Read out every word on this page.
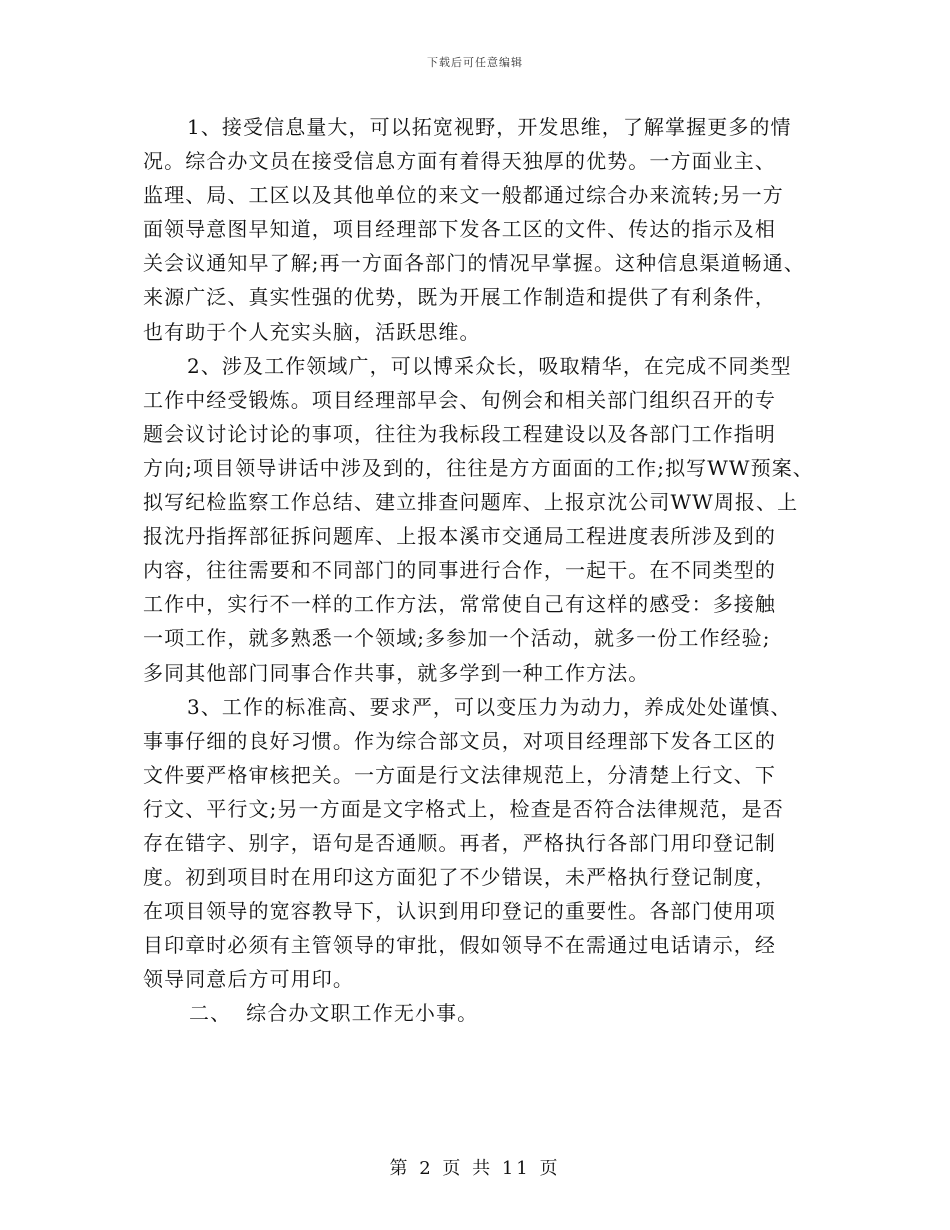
下载后可任意编辑
1、接受信息量大，可以拓宽视野，开发思维，了解掌握更多的情
况。综合办文员在接受信息方面有着得天独厚的优势。一方面业主、
监理、局、工区以及其他单位的来文一般都通过综合办来流转;另一方
面领导意图早知道，项目经理部下发各工区的文件、传达的指示及相
关会议通知早了解;再一方面各部门的情况早掌握。这种信息渠道畅通、
来源广泛、真实性强的优势，既为开展工作制造和提供了有利条件，
也有助于个人充实头脑，活跃思维。
2、涉及工作领域广，可以博采众长，吸取精华，在完成不同类型
工作中经受锻炼。项目经理部早会、旬例会和相关部门组织召开的专
题会议讨论讨论的事项，往往为我标段工程建设以及各部门工作指明
方向;项目领导讲话中涉及到的，往往是方方面面的工作;拟写WW预案、
拟写纪检监察工作总结、建立排查问题库、上报京沈公司WW周报、上
报沈丹指挥部征拆问题库、上报本溪市交通局工程进度表所涉及到的
内容，往往需要和不同部门的同事进行合作，一起干。在不同类型的
工作中，实行不一样的工作方法，常常使自己有这样的感受：多接触
一项工作，就多熟悉一个领域;多参加一个活动，就多一份工作经验;
多同其他部门同事合作共事，就多学到一种工作方法。
3、工作的标准高、要求严，可以变压力为动力，养成处处谨慎、
事事仔细的良好习惯。作为综合部文员，对项目经理部下发各工区的
文件要严格审核把关。一方面是行文法律规范上，分清楚上行文、下
行文、平行文;另一方面是文字格式上，检查是否符合法律规范，是否
存在错字、别字，语句是否通顺。再者，严格执行各部门用印登记制
度。初到项目时在用印这方面犯了不少错误，未严格执行登记制度，
在项目领导的宽容教导下，认识到用印登记的重要性。各部门使用项
目印章时必须有主管领导的审批，假如领导不在需通过电话请示，经
领导同意后方可用印。
二、  综合办文职工作无小事。
第 2 页 共 11 页
